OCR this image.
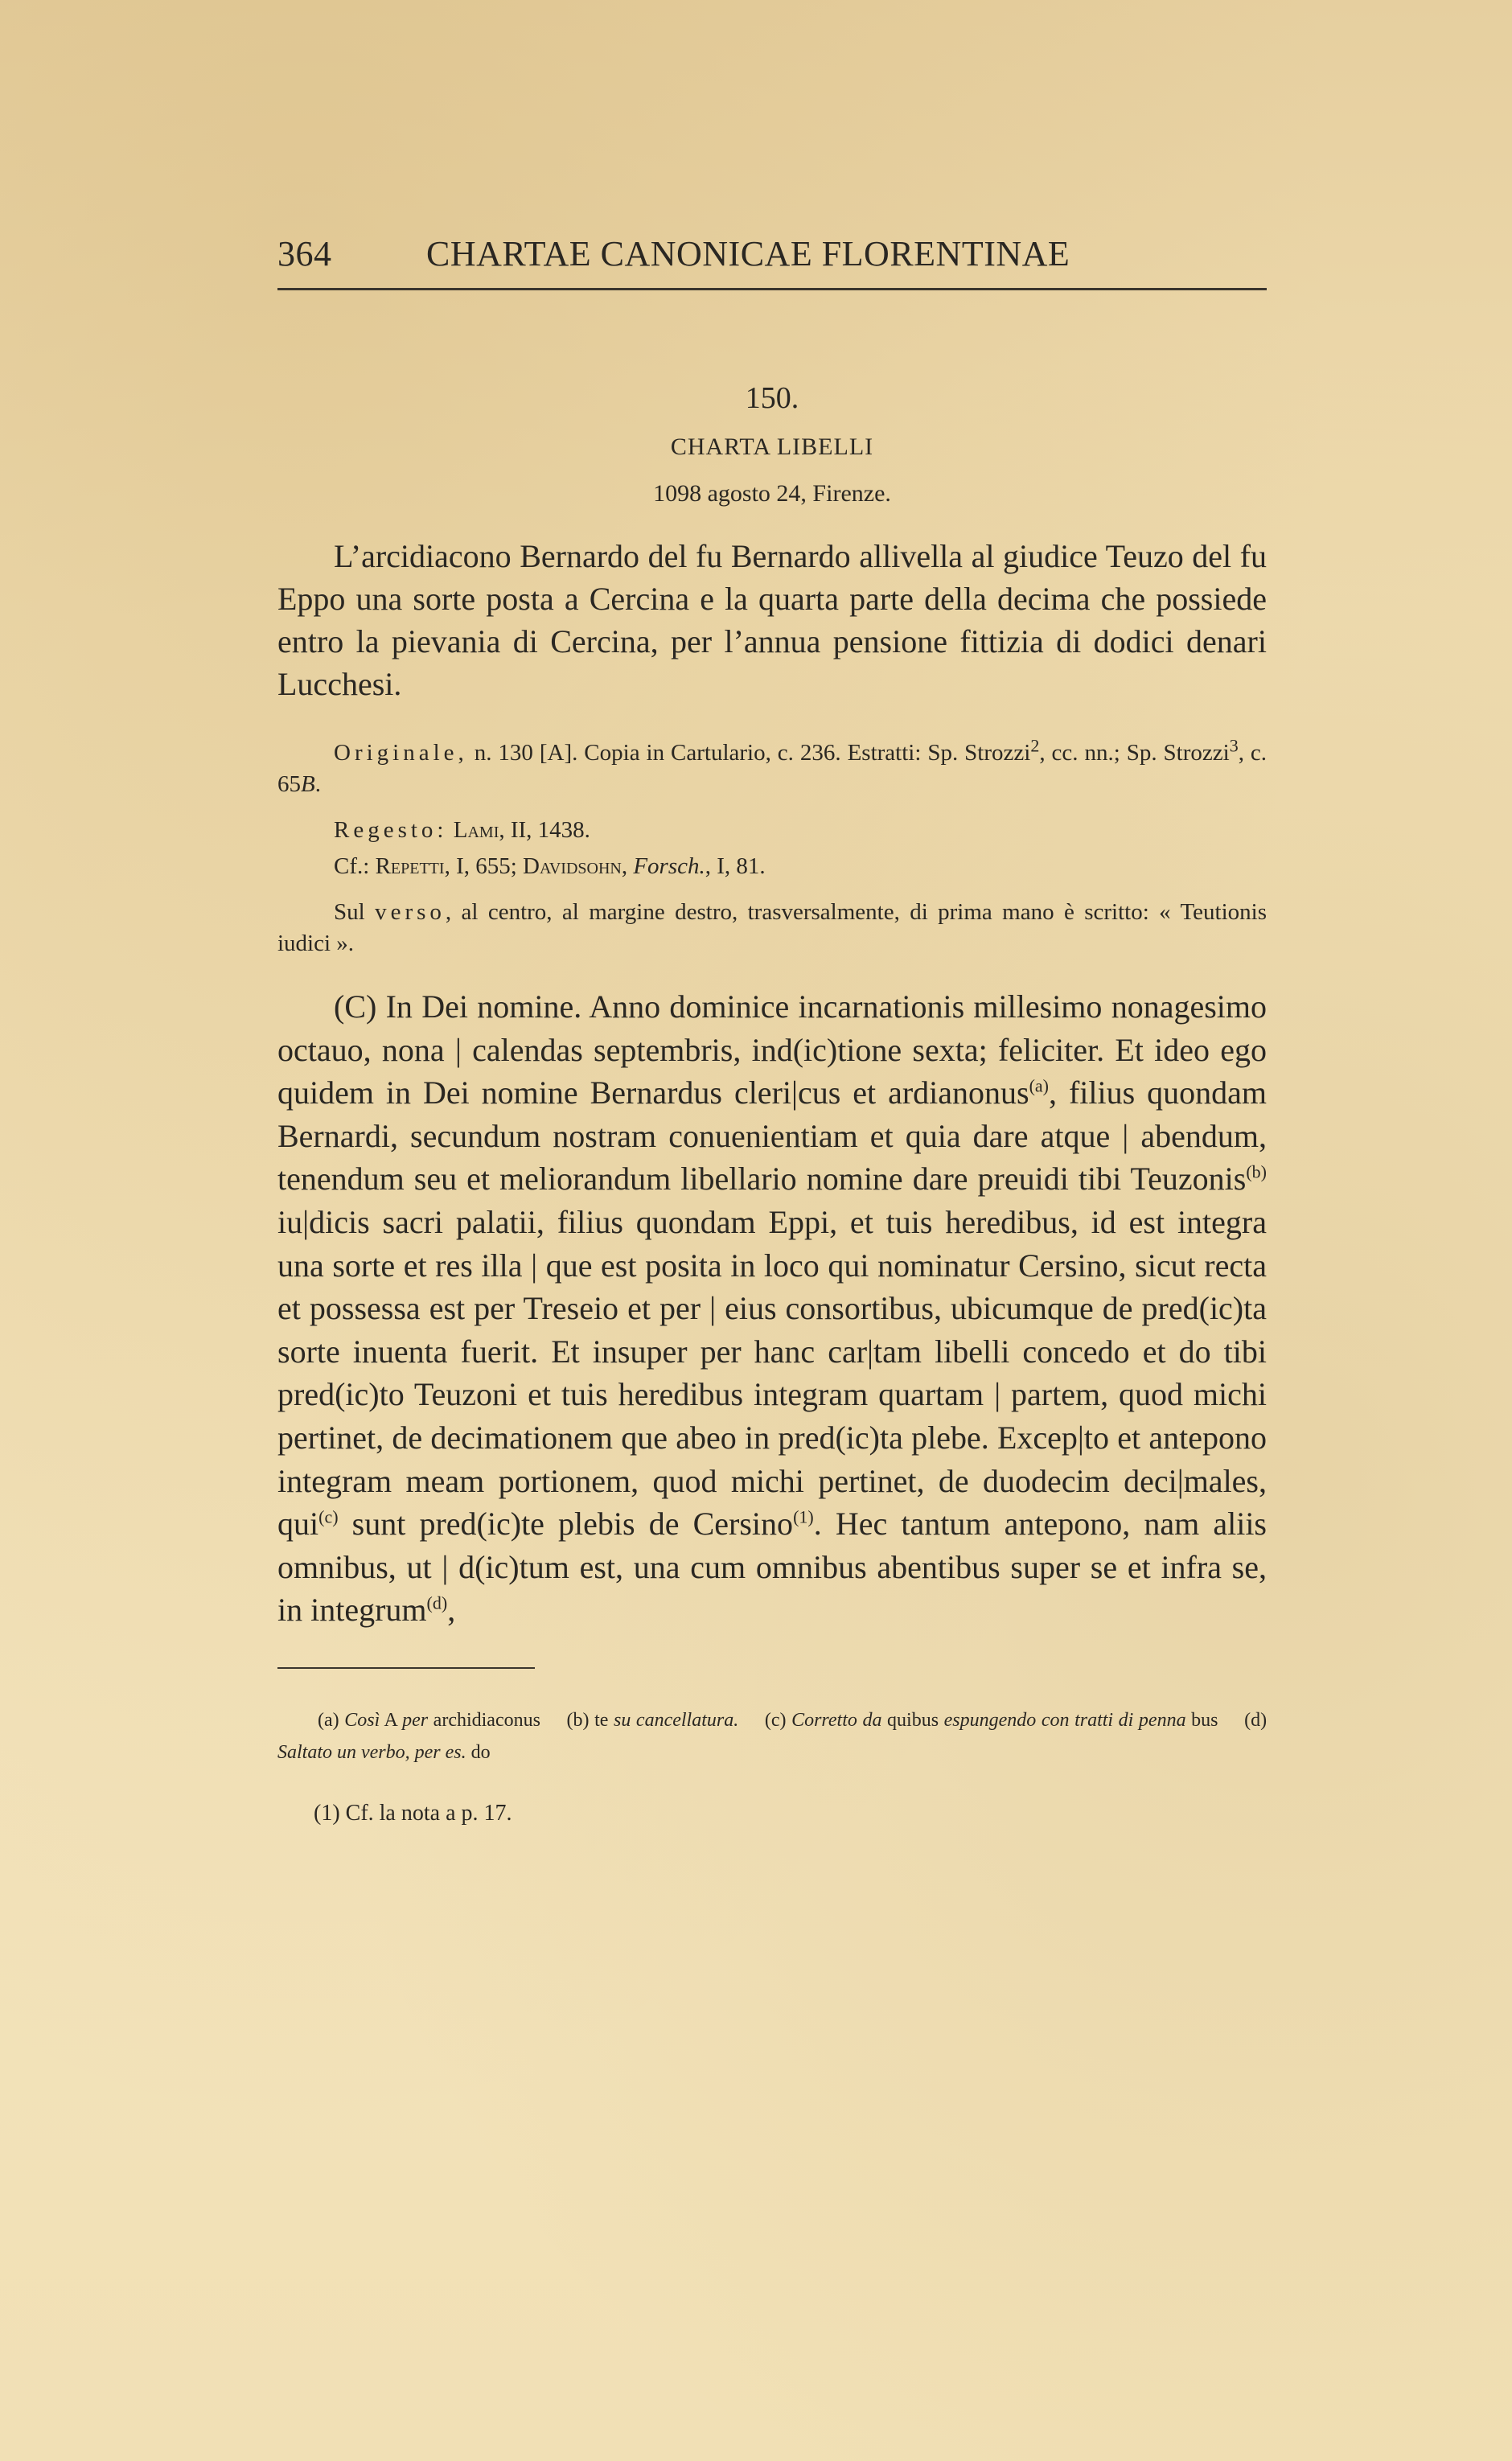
364	CHARTAE CANONICAE FLORENTINAE
150.
CHARTA LIBELLI
1098 agosto 24, Firenze.

L’arcidiacono Bernardo del fu Bernardo allivella al giudice Teuzo del fu Eppo una sorte posta a Cercina e la quarta parte della decima che possiede entro la pievania di Cercina, per l’annua pensione fittizia di dodici denari Lucchesi.

Originale, n. 130 [A]. Copia in Cartulario, c. 236. Estratti: Sp. Strozzi$^2$, cc. nn.; Sp. Strozzi$^3$, c. 65B.

Regesto: Lami, II, 1438.

Cf.: Repetti, I, 655; Davidsohn, Forsch., I, 81.

Sul verso, al centro, al margine destro, trasversalmente, di prima mano è scritto: « Teutionis iudici ».

(C) In Dei nomine. Anno dominice incarnationis millesimo nonagesimo octauo, nona | calendas septembris, ind(ic)tione sexta; feliciter. Et ideo ego quidem in Dei nomine Bernardus cleri|cus et ardianonus$^{(a)}$, filius quondam Bernardi, secundum nostram conuenientiam et quia dare atque | abendum, tenendum seu et meliorandum libellario nomine dare preuidi tibi Teuzonis$^{(b)}$ iu|dicis sacri palatii, filius quondam Eppi, et tuis heredibus, id est integra una sorte et res illa | que est posita in loco qui nominatur Cersino, sicut recta et possessa est per Treseio et per | eius consortibus, ubicumque de pred(ic)ta sorte inuenta fuerit. Et insuper per hanc car|tam libelli concedo et do tibi pred(ic)to Teuzoni et tuis heredibus integram quartam | partem, quod michi pertinet, de decimationem que abeo in pred(ic)ta plebe. Excep|to et antepono integram meam portionem, quod michi pertinet, de duodecim deci|males, qui$^{(c)}$ sunt pred(ic)te plebis de Cersino$^{(1)}$. Hec tantum antepono, nam aliis omnibus, ut | d(ic)tum est, una cum omnibus abentibus super se et infra se, in integrum$^{(d)}$,

(a) Così A per archidiaconus (b) te su cancellatura. (c) Corretto da quibus espungendo con tratti di penna bus (d) Saltato un verbo, per es. do

(1) Cf. la nota a p. 17.
